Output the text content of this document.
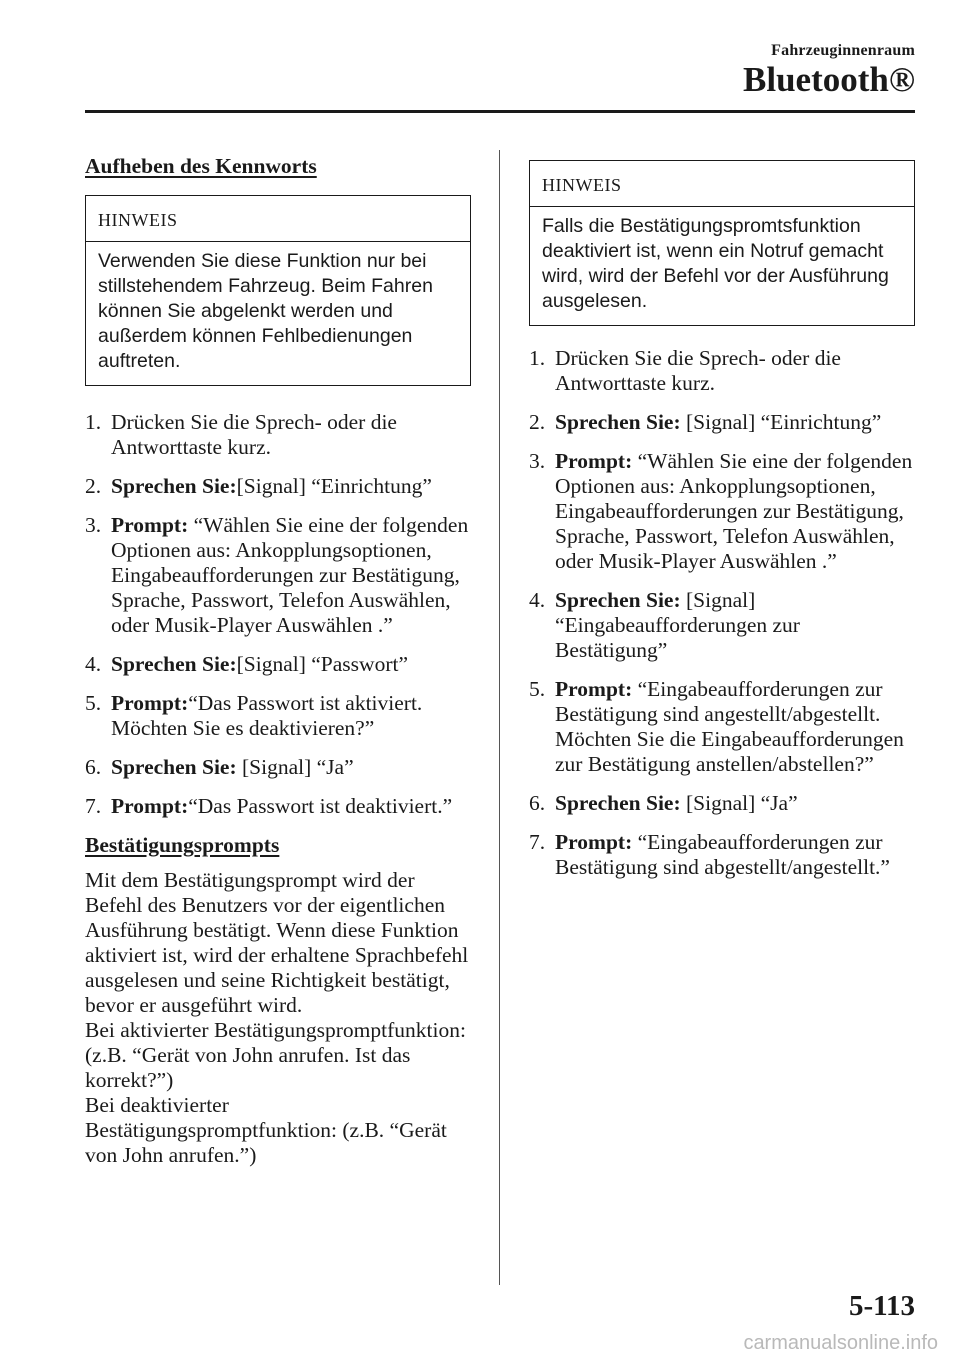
Fahrzeuginnenraum
Bluetooth®
Aufheben des Kennworts
HINWEIS
Verwenden Sie diese Funktion nur bei stillstehendem Fahrzeug. Beim Fahren können Sie abgelenkt werden und außerdem können Fehlbedienungen auftreten.
1. Drücken Sie die Sprech- oder die Antworttaste kurz.
2. Sprechen Sie:[Signal] “Einrichtung”
3. Prompt: “Wählen Sie eine der folgenden Optionen aus: Ankopplungsoptionen, Eingabeaufforderungen zur Bestätigung, Sprache, Passwort, Telefon Auswählen, oder Musik-Player Auswählen .”
4. Sprechen Sie:[Signal] “Passwort”
5. Prompt:“Das Passwort ist aktiviert. Möchten Sie es deaktivieren?”
6. Sprechen Sie: [Signal] “Ja”
7. Prompt:“Das Passwort ist deaktiviert.”
Bestätigungsprompts

Mit dem Bestätigungsprompt wird der Befehl des Benutzers vor der eigentlichen Ausführung bestätigt. Wenn diese Funktion aktiviert ist, wird der erhaltene Sprachbefehl ausgelesen und seine Richtigkeit bestätigt, bevor er ausgeführt wird.

Bei aktivierter Bestätigungspromptfunktion: (z.B. “Gerät von John anrufen. Ist das korrekt?”)

Bei deaktivierter Bestätigungspromptfunktion: (z.B. “Gerät von John anrufen.”)

HINWEIS
Falls die Bestätigungspromtsfunktion deaktiviert ist, wenn ein Notruf gemacht wird, wird der Befehl vor der Ausführung ausgelesen.
1. Drücken Sie die Sprech- oder die Antworttaste kurz.
2. Sprechen Sie: [Signal] “Einrichtung”
3. Prompt: “Wählen Sie eine der folgenden Optionen aus: Ankopplungsoptionen, Eingabeaufforderungen zur Bestätigung, Sprache, Passwort, Telefon Auswählen, oder Musik-Player Auswählen .”
4. Sprechen Sie: [Signal] “Eingabeaufforderungen zur Bestätigung”
5. Prompt: “Eingabeaufforderungen zur Bestätigung sind angestellt/abgestellt. Möchten Sie die Eingabeaufforderungen zur Bestätigung anstellen/abstellen?”
6. Sprechen Sie: [Signal] “Ja”
7. Prompt: “Eingabeaufforderungen zur Bestätigung sind abgestellt/angestellt.”
5-113
carmanualsonline.info
